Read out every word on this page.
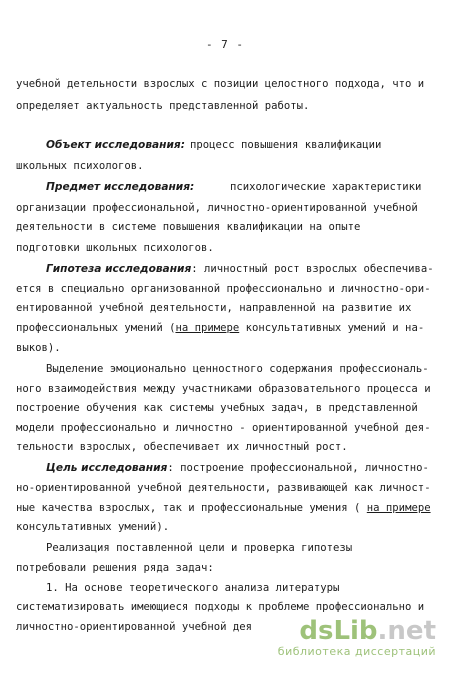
- 7 -
учебной детельности взрослых с позиции целостного подхода, что и
определяет актуальность представленной работы.
Объект исследования: процесс повышения квалификации
школьных психологов.
Предмет исследования:	психологические характеристики
организации профессиональной, личностно-ориентированной учебной
деятельности в системе повышения квалификации на опыте
подготовки школьных психологов.
Гипотеза исследования: личностный рост взрослых обеспечива-
ется в специально организованной профессионально и личностно-ори-
ентированной учебной деятельности, направленной на развитие их
профессиональных умений (на примере консультативных умений и на-
выков).
Выделение эмоционально ценностного содержания профессиональ-
ного взаимодействия между участниками образовательного процесса и
построение обучения как системы учебных задач, в представленной
модели профессионально и личностно - ориентированной учебной дея-
тельности взрослых, обеспечивает их личностный рост.
Цель исследования: построение профессиональной, личностно-
но-ориентированной учебной деятельности, развивающей как личност-
ные качества взрослых, так и профессиональные умения ( на примере
консультативных умений).
Реализация поставленной цели и проверка гипотезы
потребовали решения ряда задач:
1. На основе теоретического анализа литературы
систематизировать имеющиеся подходы к проблеме профессионально и
личностно-ориентированной учебной дея	dsLib.net
библиотека диссертаций
